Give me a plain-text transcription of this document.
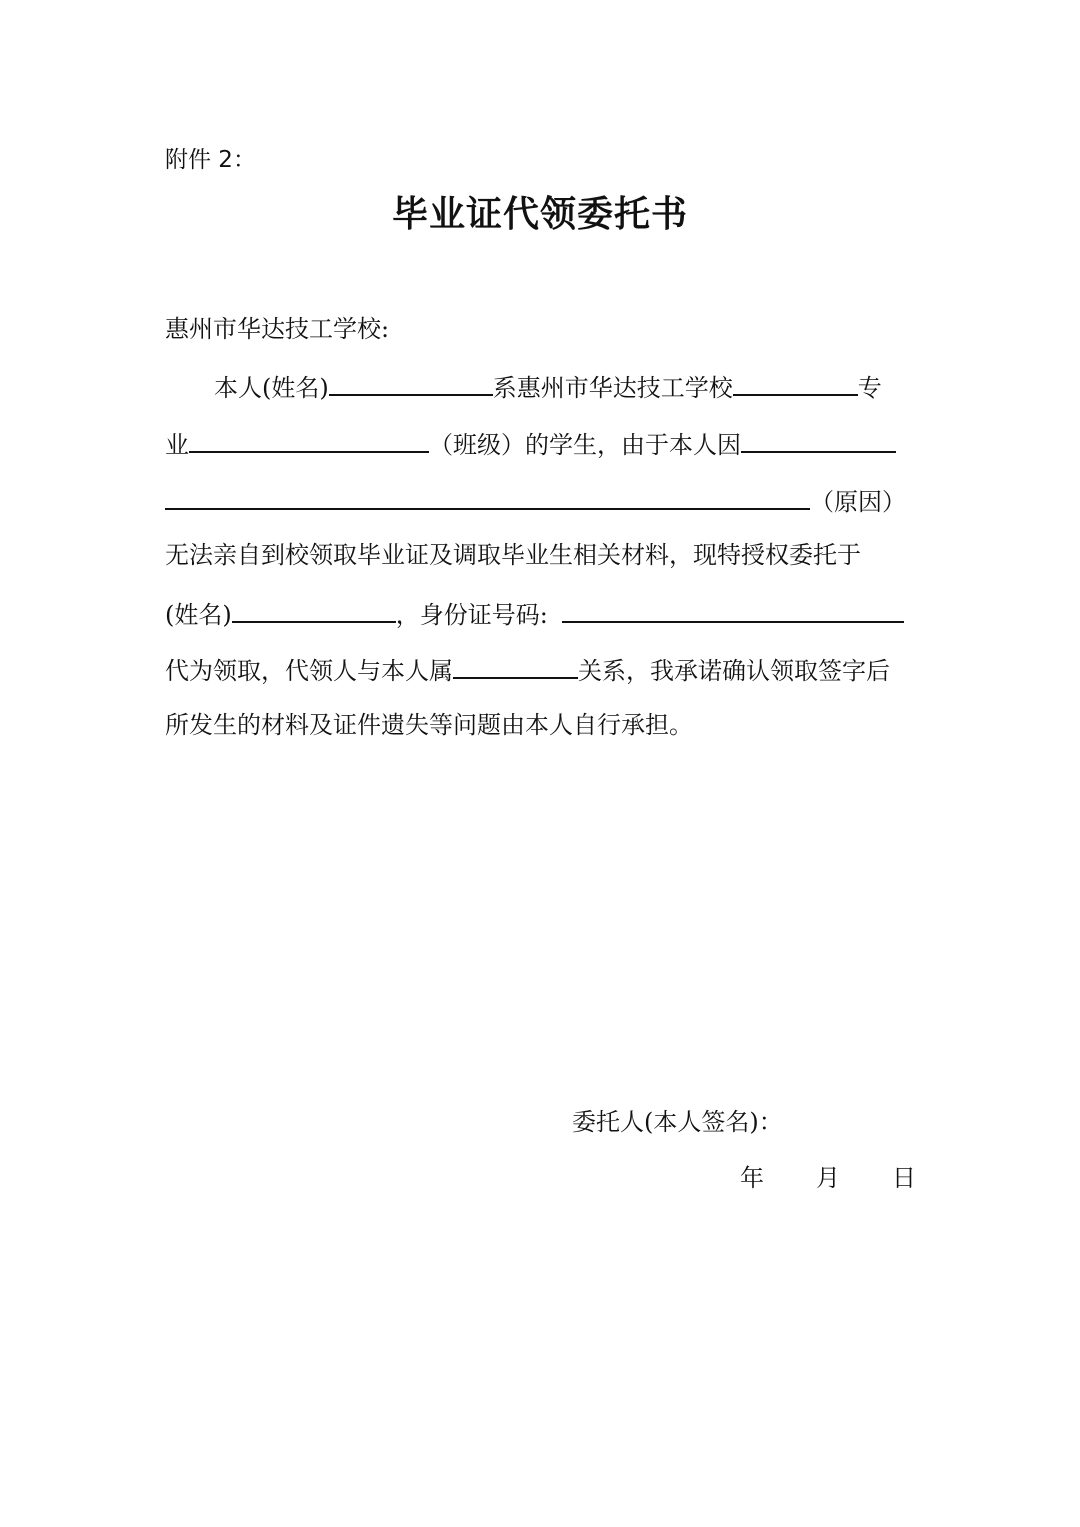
附件 2：
毕业证代领委托书
惠州市华达技工学校:
本人(姓名)	系惠州市华达技工学校	专
业	（班级）的学生，由于本人因
（原因）
无法亲自到校领取毕业证及调取毕业生相关材料，现特授权委托于
(姓名)	，身份证号码:
代为领取，代领人与本人属	关系，我承诺确认领取签字后
所发生的材料及证件遗失等问题由本人自行承担。
委托人(本人签名)：
年 月 日
